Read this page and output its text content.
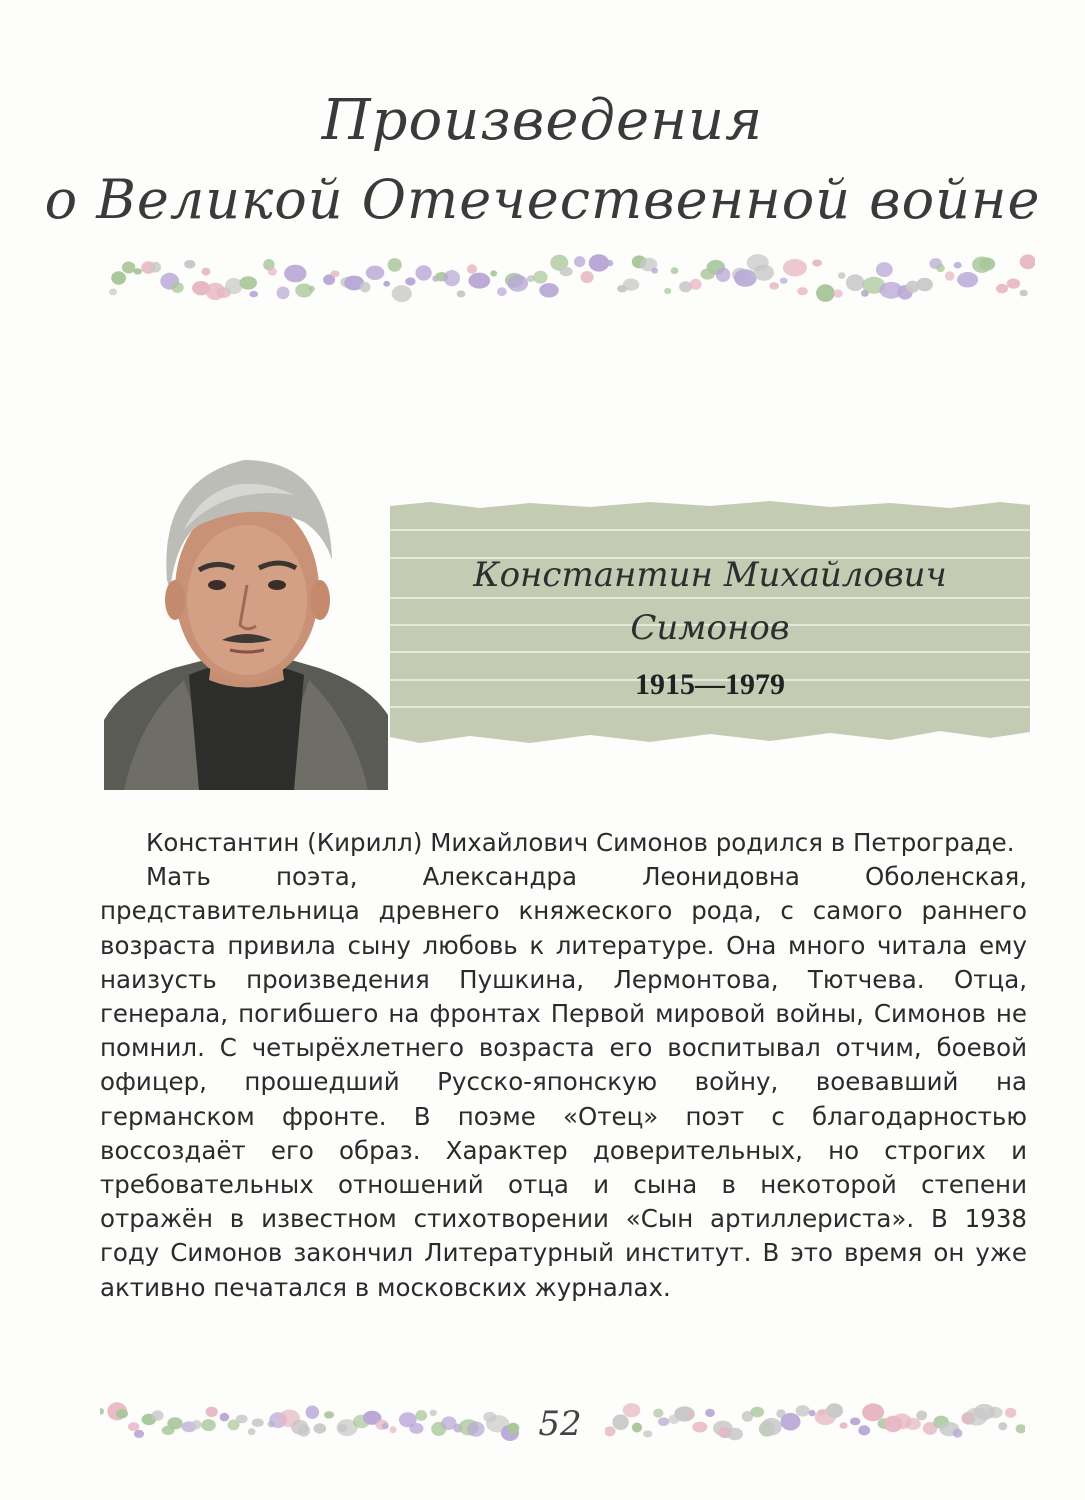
Произведения
о Великой Отечественной войне

Константин Михайлович

Симонов

1915—1979

Константин (Кирилл) Михайлович Симонов родился в Петрограде.

Мать поэта, Александра Леонидовна Оболенская, представительница древнего княжеского рода, с самого раннего возраста привила сыну любовь к литературе. Она много читала ему наизусть произведения Пушкина, Лермонтова, Тютчева. Отца, генерала, погибшего на фронтах Первой мировой войны, Симонов не помнил. С четырёхлетнего возраста его воспитывал отчим, боевой офицер, прошедший Русско-японскую войну, воевавший на германском фронте. В поэме «Отец» поэт с благодарностью воссоздаёт его образ. Характер доверительных, но строгих и требовательных отношений отца и сына в некоторой степени отражён в известном стихотворении «Сын артиллериста». В 1938 году Симонов закончил Литературный институт. В это время он уже активно печатался в московских журналах.

52
